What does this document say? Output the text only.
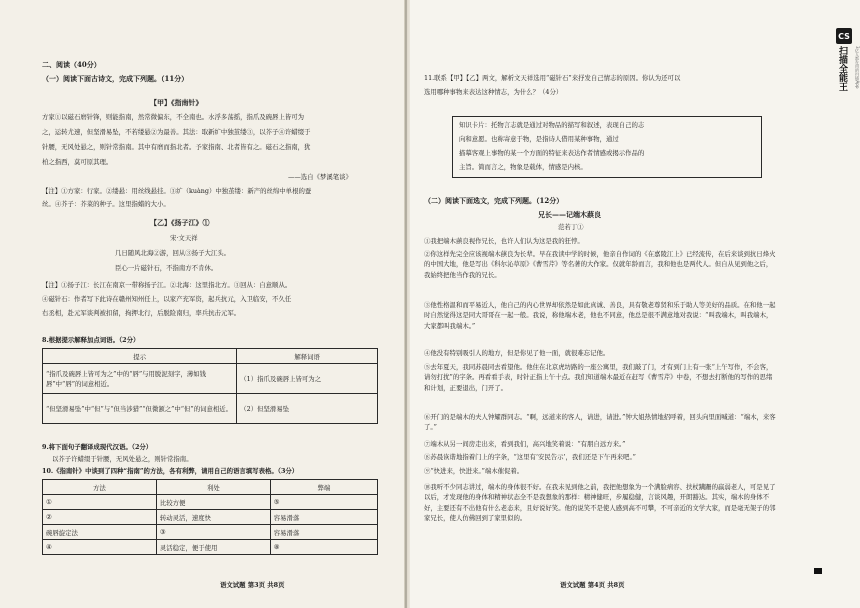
二、阅读（40分）
（一）阅读下面古诗文，完成下列题。（11分）
【甲】《指南针》
方家①以磁石磨针锋，则能指南，然常微偏东，不全南也。水浮多荡摇，指爪及碗唇上皆可为
之，运转尤速，但坚滑易坠，不若缕悬②为最善。其法：取新纩中独茧缕③，以芥子④许蜡缀于
针腰，无风处悬之，则针常指南。其中有磨而指北者。予家指南、北者皆有之。磁石之指南，犹
柏之指西，莫可原其理。
——选自《梦溪笔谈》
【注】①方家：行家。②缕悬：用丝线悬挂。③纩（kuàng）中独茧缕：新产的丝绵中单根的蚕
丝。④芥子：芥菜的种子。这里指蜡的大小。
【乙】《扬子江》①
宋·文天祥
几日随风北海②游，回从③扬子大江头。
臣心一片磁针石，不指南方不肯休。
【注】①扬子江：长江在南京一带称扬子江。②北海：这里指北方。③回从：自意顺从。
④磁针石：作者写下此诗在赣州知州任上，以家产充军资，起兵抗元，入卫临安，不久任
右丞相，赴元军谈判被扣留，拘押北行，后脱险南归，率兵抗击元军。
8.根据提示解释加点词语。（2分）
提示	解释词语
“指爪及碗唇上皆可为之”中的“唇”与用脱泥刻字，薄如钱唇”中“唇”的词意相近。	（1）指爪及碗唇上皆可为之
“但坚滑易坠”中“但”与“但当涉猎”“但微颔之”中“但”的词意相近。	（2）但坚滑易坠
9.将下面句子翻译成现代汉语。（2分）
以芥子许蜡缀于针腰，无风处悬之，则针常指南。
10.《指南针》中谈到了四种“指南”的方法，各有利弊，请用自己的语言填写表格。（3分）
方法	利处	弊端
①	比较方便	⑤
②	转动灵活，速度快	容易滑落
碗唇旋定法	③	容易滑落
④	灵活稳定，便于使用	⑧
语文试题 第3页 共8页
11.联系【甲】【乙】两文，解析文天祥选用“磁针石”来抒发自己情志的原因。你认为还可以
选用哪种事物来表达这种情志，为什么？（4分）
知识卡片：托物言志就是通过对物品的描写和叙述，表现自己的志
向和意愿。也称寄意于物，是指诗人借用某种事物，通过
描摹客观上事物的某一个方面的特征来表达作者情感或揭示作品的
主旨。简而言之，物象是载体，情感是内核。
（二）阅读下面选文，完成下列题。（12分）
兄长——记端木蕻良
范若丁①
①我把端木蕻良视作兄长，也许人们认为这是我的狂悖。
②你这样先完全应该视端木蕻良为长辈。早在我读中学的时候，他亲自作词的《在嘉陵江上》已经流传，在后来谈到抗日烽火的中国大地，他是写出《科尔沁草原》《曹雪芹》等名著的大作家。仅就年龄而言，我和他也是两代人。但自从见到他之后，我始终把他当作我的兄长。
③他性格温和而平易近人，他自己的内心世界却依然是如此真诚、善良，具有敬老尊贤和乐于助人等美好的品质。在和他一起时自然觉得这是同大哥哥在一起一般。我说，称他端木老，他也不同意，他总是很不满意地对我说：“叫我端木，叫我端木，大家都叫我端木。”
④他没有特别吸引人的地方，但是你见了他一面，就很难忘记他。
⑤去年夏天，我同苏晨同去看望他。他住在北京虎坊路的一座公寓里，我们敲了门，才有到门上有一张“上午写作，不会客，请勿打扰”的字条。再看看手表，时针正指上午十点。我们知道端木最近在赶写《曹雪芹》中卷，不想去打断他的写作的思绪和计划，正要退出，门开了。
⑥开门的是端木的夫人钟耀群同志。“啊，远道来的客人，请进，请进。”钟大姐热情地招呼着，回头向里面喊道：“端木，来客了。”
⑦端木从另一间房走出来，看到我们，高兴地笑着说：“有朋自远方来。”
⑧苏晨诙谐地指着门上的字条，“这里有‘安民告示’，我们还是下午再来吧。”
⑨“快进来，快进来。”端木催促着。
⑩我听不少同志讲过，端木的身体很不好。在我未见到他之前，我把他想象为一个满脸病容、扶杖蹒跚的羸弱老人，可是见了以后，才发现他的身体和精神状态全不是我想象的那样：精神健旺，步履稳健，言谈风趣，开朗豁达。其实，端木的身体不好，主要还有不出他有什么老态来，且好说好笑。他的说笑不是使人感到高不可攀，不可亲近的文学大家，而是毫无架子的邻家兄长，使人仿佛回到了家里似的。
语文试题 第4页 共8页
CS
扫描全能王	3亿人都在用的扫描App
